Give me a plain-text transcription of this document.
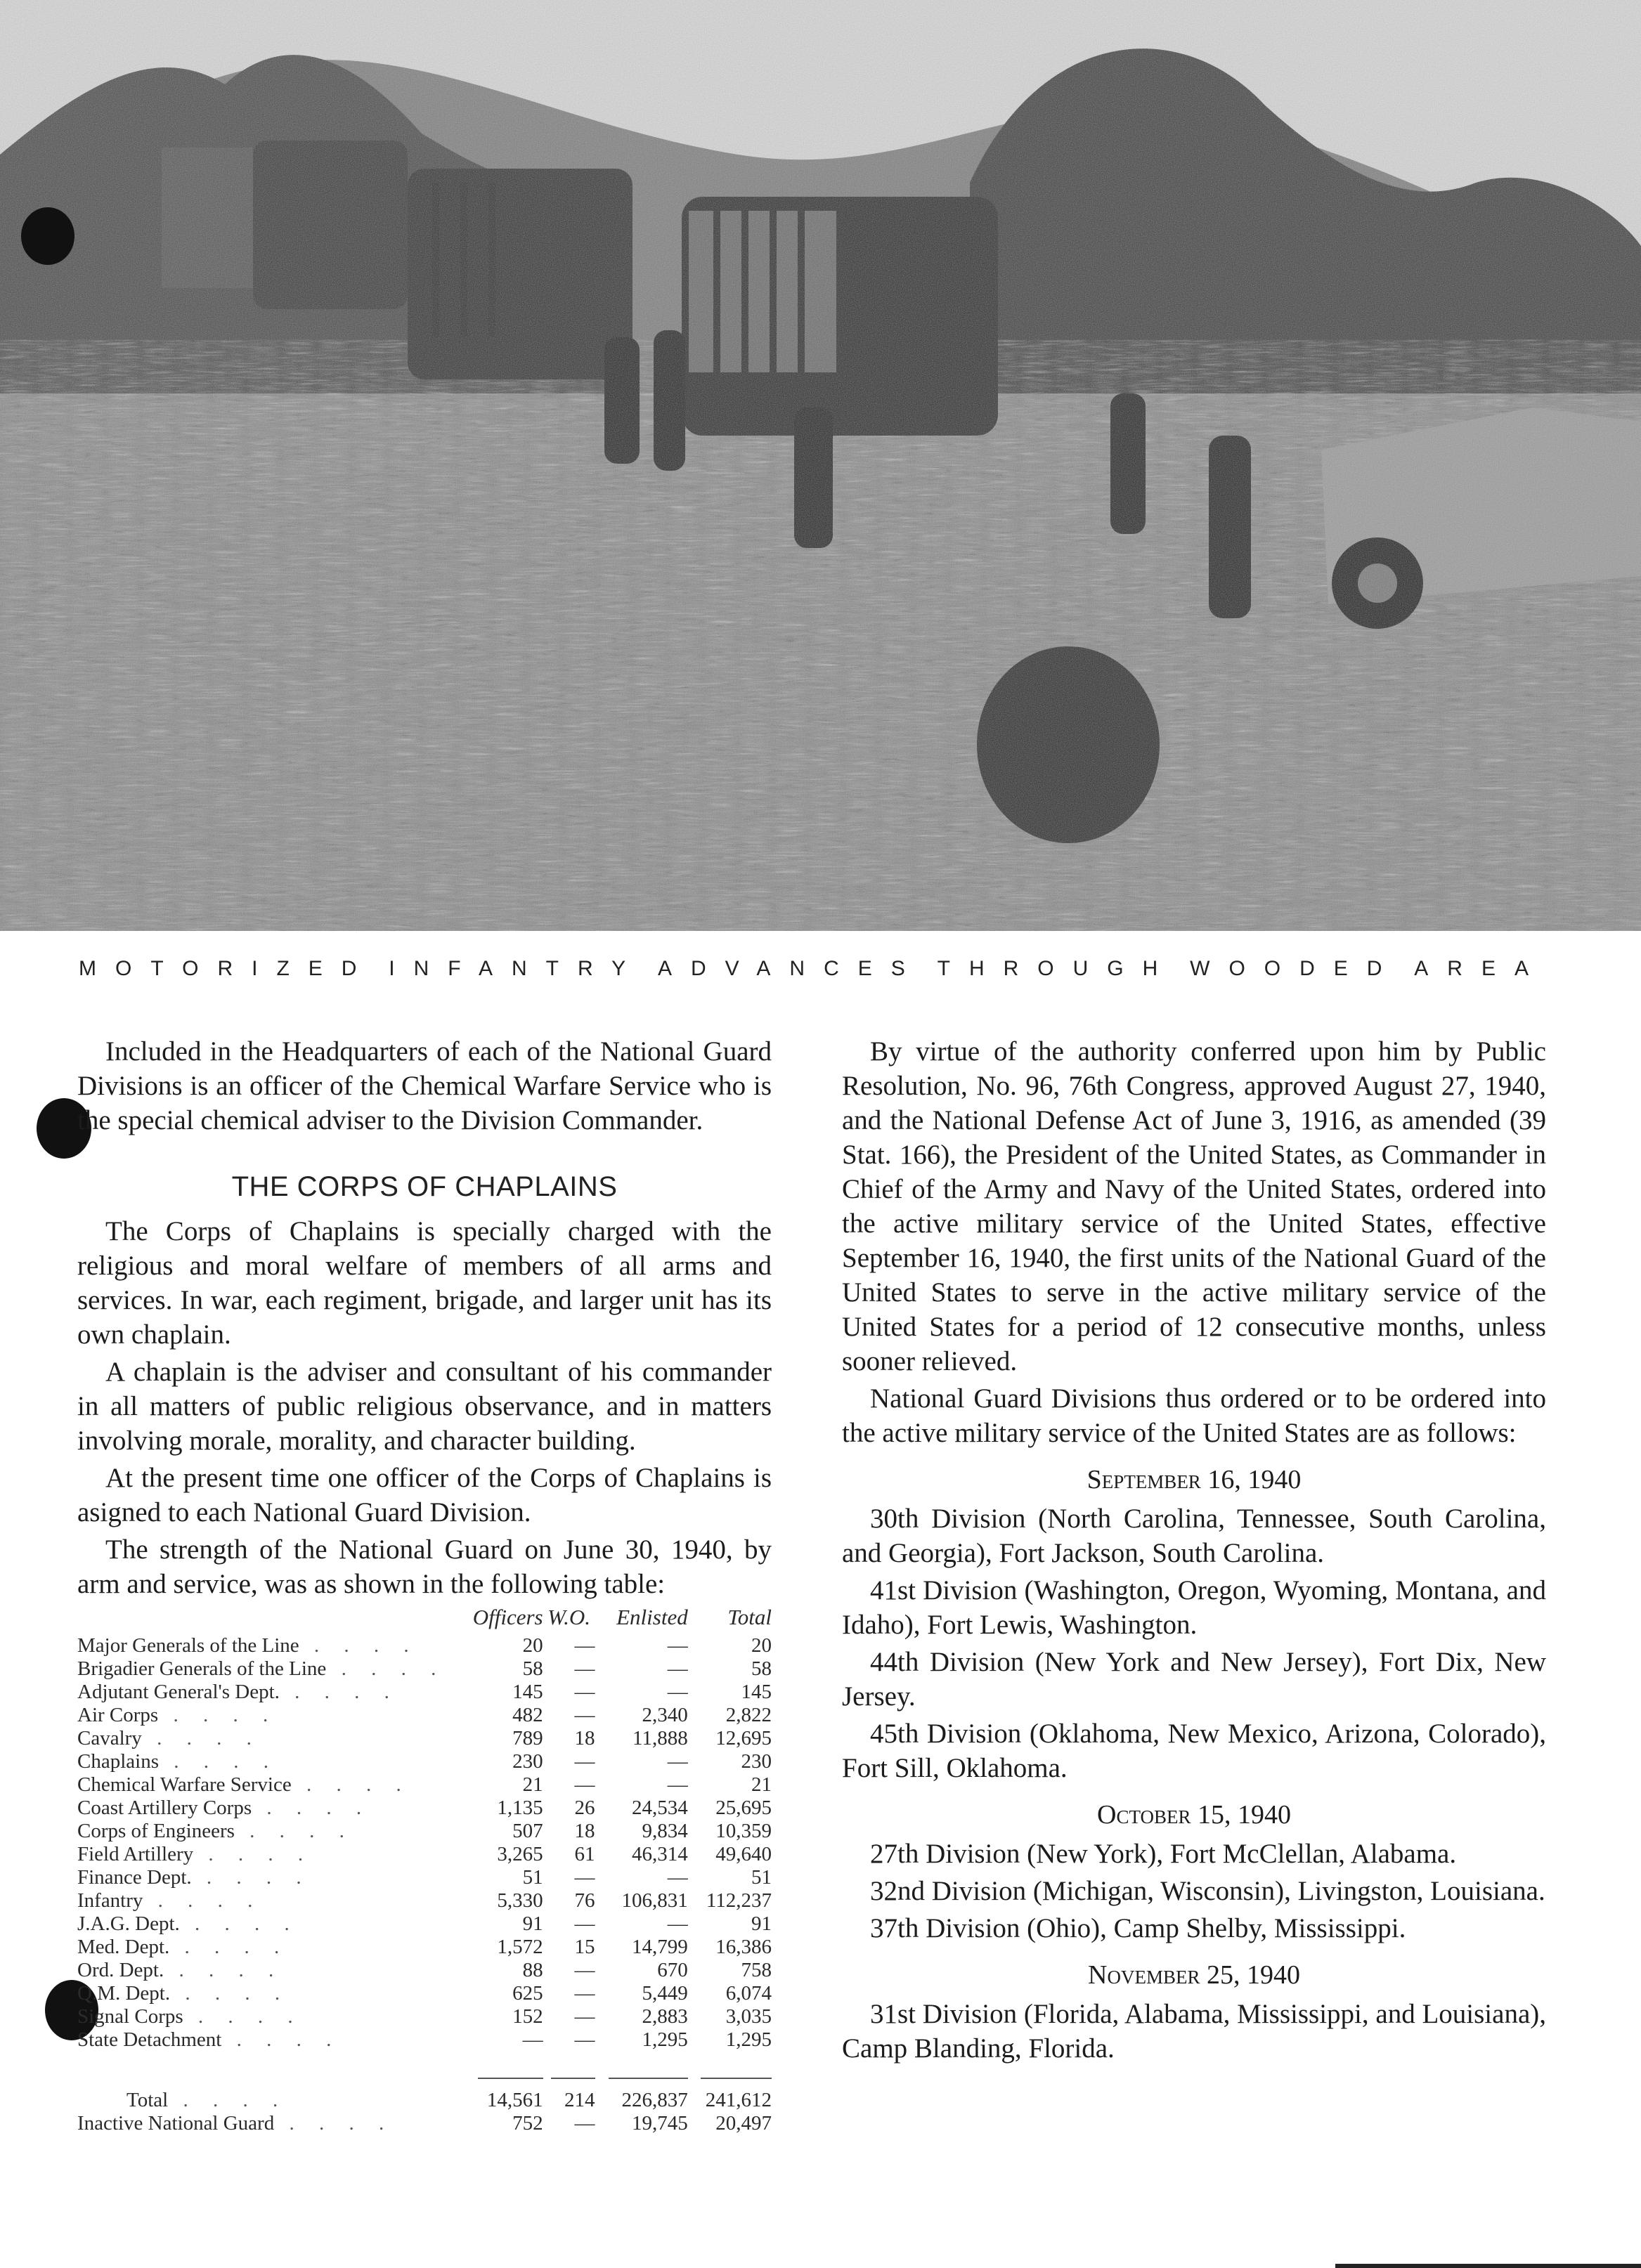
MOTORIZED INFANTRY ADVANCES THROUGH WOODED AREA

Included in the Headquarters of each of the National Guard Divisions is an officer of the Chemical Warfare Service who is the special chemical adviser to the Division Commander.

THE CORPS OF CHAPLAINS

The Corps of Chaplains is specially charged with the religious and moral welfare of members of all arms and services. In war, each regiment, brigade, and larger unit has its own chaplain.

A chaplain is the adviser and consultant of his commander in all matters of public religious observance, and in matters involving morale, morality, and character building.

At the present time one officer of the Corps of Chaplains is asigned to each National Guard Division.

The strength of the National Guard on June 30, 1940, by arm and service, was as shown in the following table:

	Officers	W.O.	Enlisted	Total
Major Generals of the Line . . . .	20	—	—	20
Brigadier Generals of the Line . . . .	58	—	—	58
Adjutant General's Dept. . . . .	145	—	—	145
Air Corps . . . .	482	—	2,340	2,822
Cavalry . . . .	789	18	11,888	12,695
Chaplains . . . .	230	—	—	230
Chemical Warfare Service . . . .	21	—	—	21
Coast Artillery Corps . . . .	1,135	26	24,534	25,695
Corps of Engineers . . . .	507	18	9,834	10,359
Field Artillery . . . .	3,265	61	46,314	49,640
Finance Dept. . . . .	51	—	—	51
Infantry . . . .	5,330	76	106,831	112,237
J.A.G. Dept. . . . .	91	—	—	91
Med. Dept. . . . .	1,572	15	14,799	16,386
Ord. Dept. . . . .	88	—	670	758
Q.M. Dept. . . . .	625	—	5,449	6,074
Signal Corps . . . .	152	—	2,883	3,035
State Detachment . . . .	—	—	1,295	1,295

Total . . . .	14,561	214	226,837	241,612
Inactive National Guard . . . .	752	—	19,745	20,497

By virtue of the authority conferred upon him by Public Resolution, No. 96, 76th Congress, approved August 27, 1940, and the National Defense Act of June 3, 1916, as amended (39 Stat. 166), the President of the United States, as Commander in Chief of the Army and Navy of the United States, ordered into the active military service of the United States, effective September 16, 1940, the first units of the National Guard of the United States to serve in the active military service of the United States for a period of 12 consecutive months, unless sooner relieved.

National Guard Divisions thus ordered or to be ordered into the active military service of the United States are as follows:

September 16, 1940

30th Division (North Carolina, Tennessee, South Carolina, and Georgia), Fort Jackson, South Carolina.

41st Division (Washington, Oregon, Wyoming, Montana, and Idaho), Fort Lewis, Washington.

44th Division (New York and New Jersey), Fort Dix, New Jersey.

45th Division (Oklahoma, New Mexico, Arizona, Colorado), Fort Sill, Oklahoma.

October 15, 1940

27th Division (New York), Fort McClellan, Alabama.

32nd Division (Michigan, Wisconsin), Livingston, Louisiana.

37th Division (Ohio), Camp Shelby, Mississippi.

November 25, 1940

31st Division (Florida, Alabama, Mississippi, and Louisiana), Camp Blanding, Florida.
